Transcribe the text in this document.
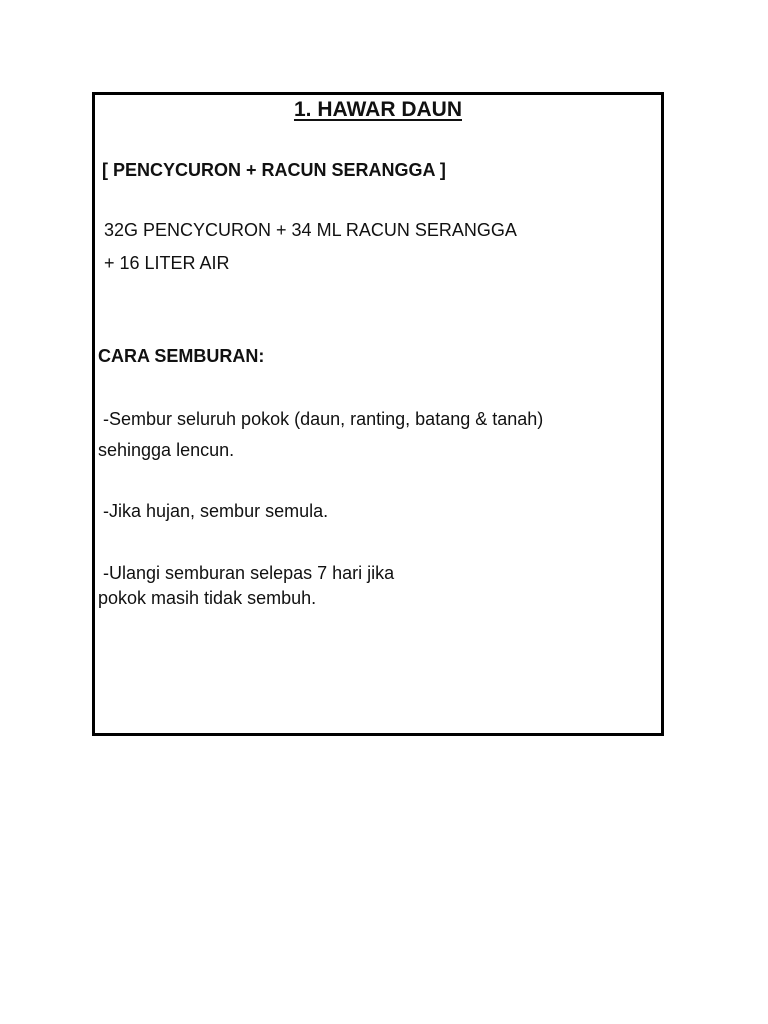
1. HAWAR DAUN
[ PENCYCURON + RACUN SERANGGA ]
32G PENCYCURON + 34 ML RACUN SERANGGA
+ 16 LITER AIR
CARA SEMBURAN:
-Sembur seluruh pokok (daun, ranting, batang & tanah)
sehingga lencun.
-Jika hujan, sembur semula.
-Ulangi semburan selepas 7 hari jika
pokok masih tidak sembuh.
